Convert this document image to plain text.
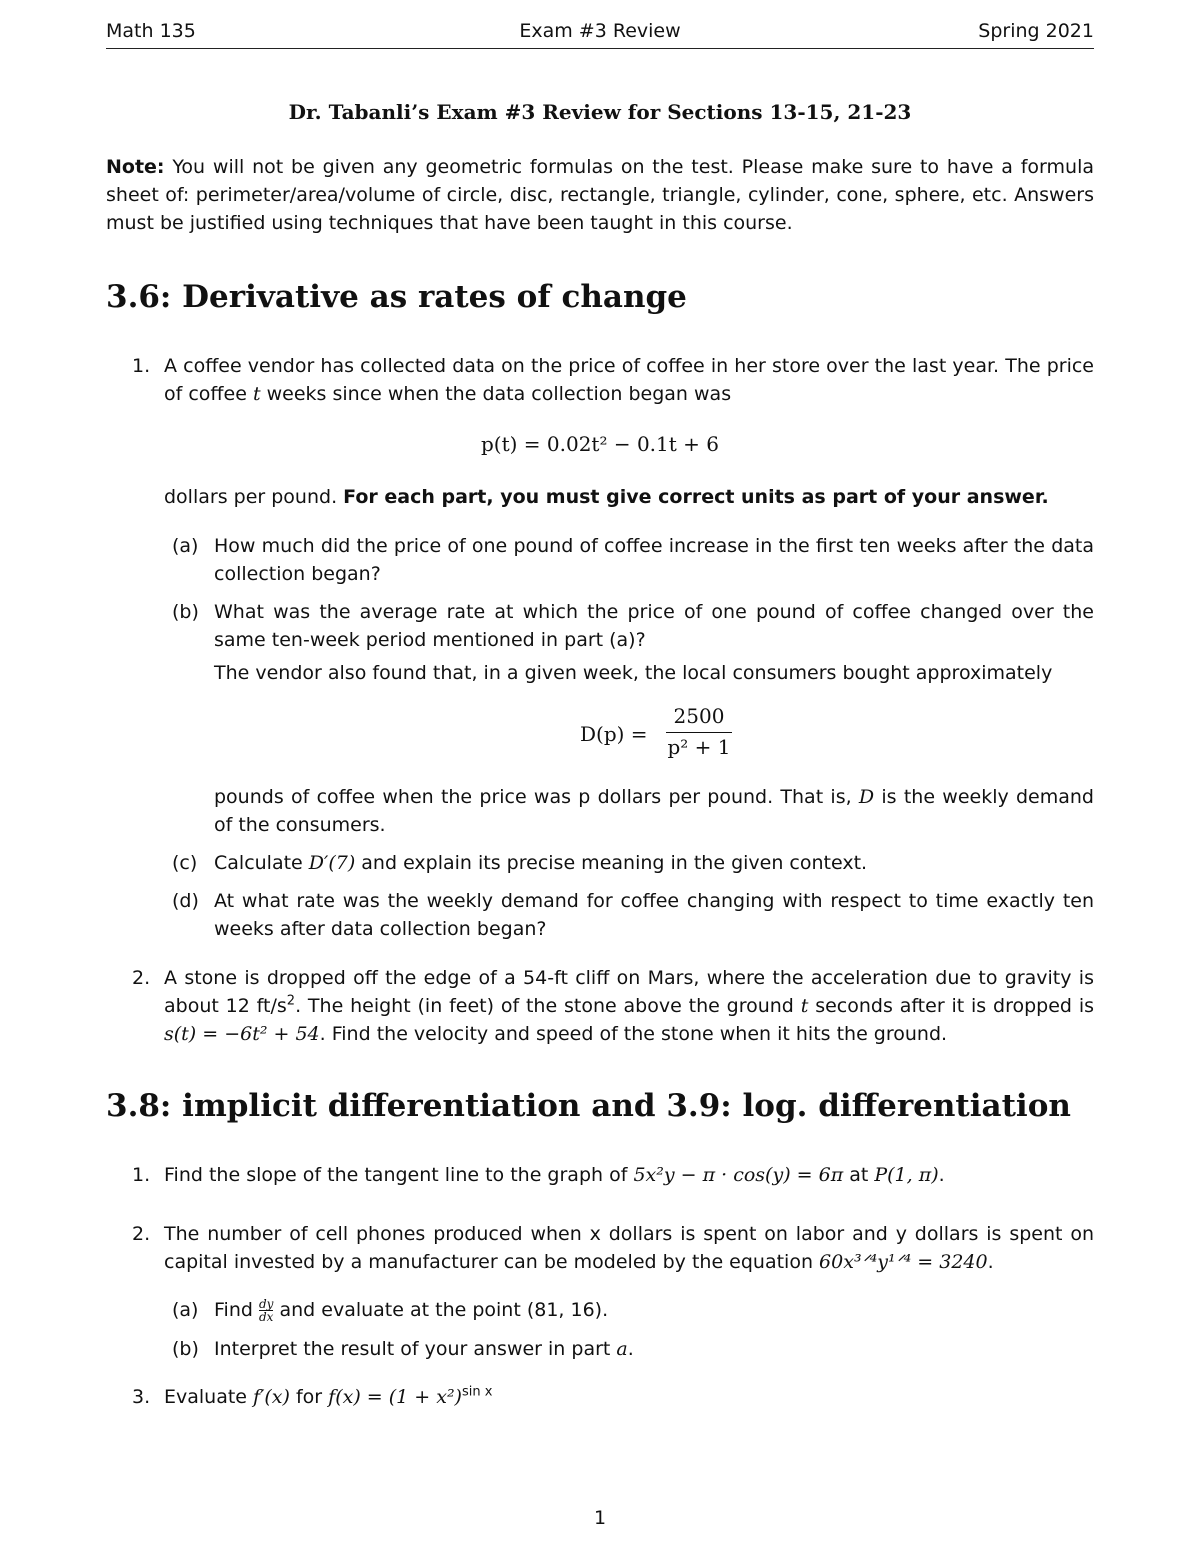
Math 135	Exam #3 Review	Spring 2021
Dr. Tabanli’s Exam #3 Review for Sections 13-15, 21-23
Note: You will not be given any geometric formulas on the test. Please make sure to have a formula sheet of: perimeter/area/volume of circle, disc, rectangle, triangle, cylinder, cone, sphere, etc. Answers must be justified using techniques that have been taught in this course.
3.6: Derivative as rates of change
1. A coffee vendor has collected data on the price of coffee in her store over the last year. The price of coffee t weeks since when the data collection began was
p(t) = 0.02t² − 0.1t + 6
dollars per pound. For each part, you must give correct units as part of your answer.
(a) How much did the price of one pound of coffee increase in the first ten weeks after the data collection began?
(b) What was the average rate at which the price of one pound of coffee changed over the same ten-week period mentioned in part (a)?
The vendor also found that, in a given week, the local consumers bought approximately
D(p) =
2500
p² + 1
pounds of coffee when the price was p dollars per pound. That is, D is the weekly demand of the consumers.
(c) Calculate D′(7) and explain its precise meaning in the given context.
(d) At what rate was the weekly demand for coffee changing with respect to time exactly ten weeks after data collection began?
2. A stone is dropped off the edge of a 54-ft cliff on Mars, where the acceleration due to gravity is about 12 $ft/s^2$. The height (in feet) of the stone above the ground t seconds after it is dropped is s(t) = −6t² + 54. Find the velocity and speed of the stone when it hits the ground.
3.8: implicit differentiation and 3.9: log. differentiation
1. Find the slope of the tangent line to the graph of 5x²y − π · cos(y) = 6π at P(1, π).
2. The number of cell phones produced when x dollars is spent on labor and y dollars is spent on capital invested by a manufacturer can be modeled by the equation 60x³ᐟ⁴y¹ᐟ⁴ = 3240.
(a) Find $\frac{dy}{dx}$ and evaluate at the point (81, 16).
(b) Interpret the result of your answer in part a.
3. Evaluate f′(x) for $f(x) = (1 + x^2)^{sin x}$
1
